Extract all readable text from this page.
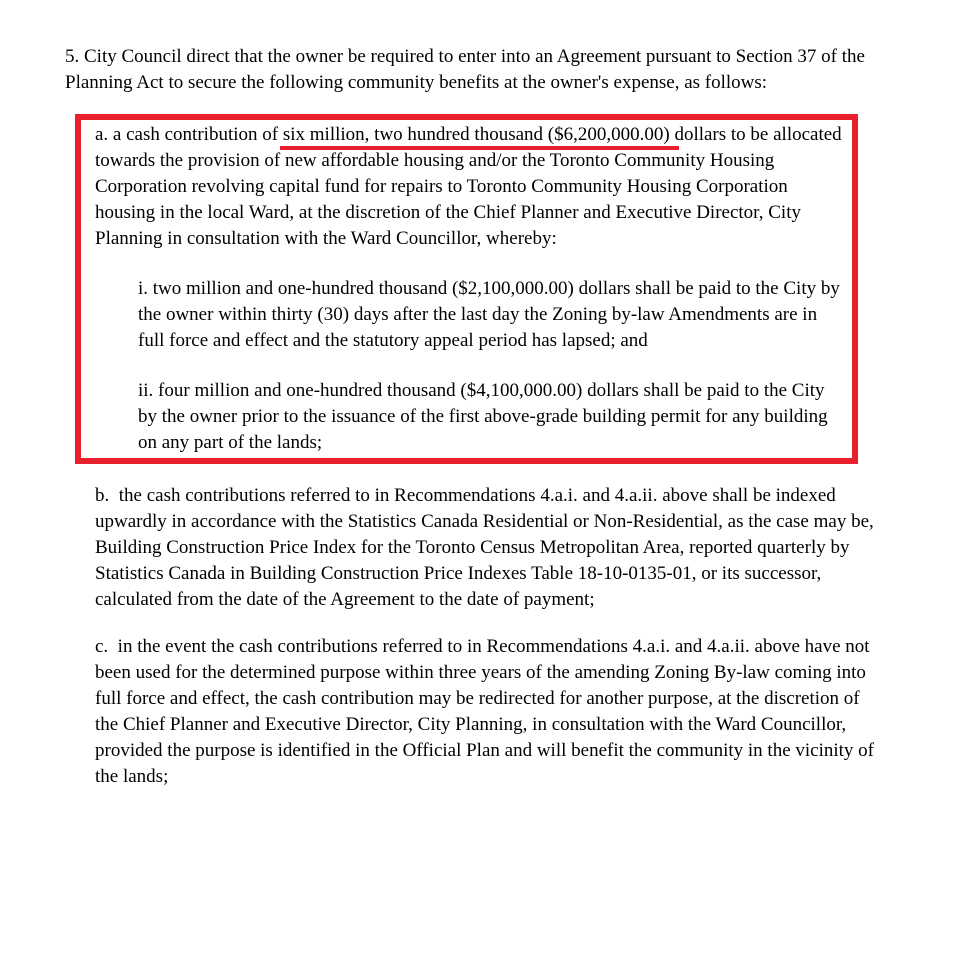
5. City Council direct that the owner be required to enter into an Agreement pursuant to Section 37 of the Planning Act to secure the following community benefits at the owner's expense, as follows:

a. a cash contribution of six million, two hundred thousand ($6,200,000.00) dollars to be allocated towards the provision of new affordable housing and/or the Toronto Community Housing Corporation revolving capital fund for repairs to Toronto Community Housing Corporation housing in the local Ward, at the discretion of the Chief Planner and Executive Director, City Planning in consultation with the Ward Councillor, whereby:

i. two million and one-hundred thousand ($2,100,000.00) dollars shall be paid to the City by the owner within thirty (30) days after the last day the Zoning by-law Amendments are in full force and effect and the statutory appeal period has lapsed; and

ii. four million and one-hundred thousand ($4,100,000.00) dollars shall be paid to the City by the owner prior to the issuance of the first above-grade building permit for any building on any part of the lands;

b.  the cash contributions referred to in Recommendations 4.a.i. and 4.a.ii. above shall be indexed upwardly in accordance with the Statistics Canada Residential or Non-Residential, as the case may be, Building Construction Price Index for the Toronto Census Metropolitan Area, reported quarterly by Statistics Canada in Building Construction Price Indexes Table 18-10-0135-01, or its successor, calculated from the date of the Agreement to the date of payment;

c.  in the event the cash contributions referred to in Recommendations 4.a.i. and 4.a.ii. above have not been used for the determined purpose within three years of the amending Zoning By-law coming into full force and effect, the cash contribution may be redirected for another purpose, at the discretion of the Chief Planner and Executive Director, City Planning, in consultation with the Ward Councillor, provided the purpose is identified in the Official Plan and will benefit the community in the vicinity of the lands;
